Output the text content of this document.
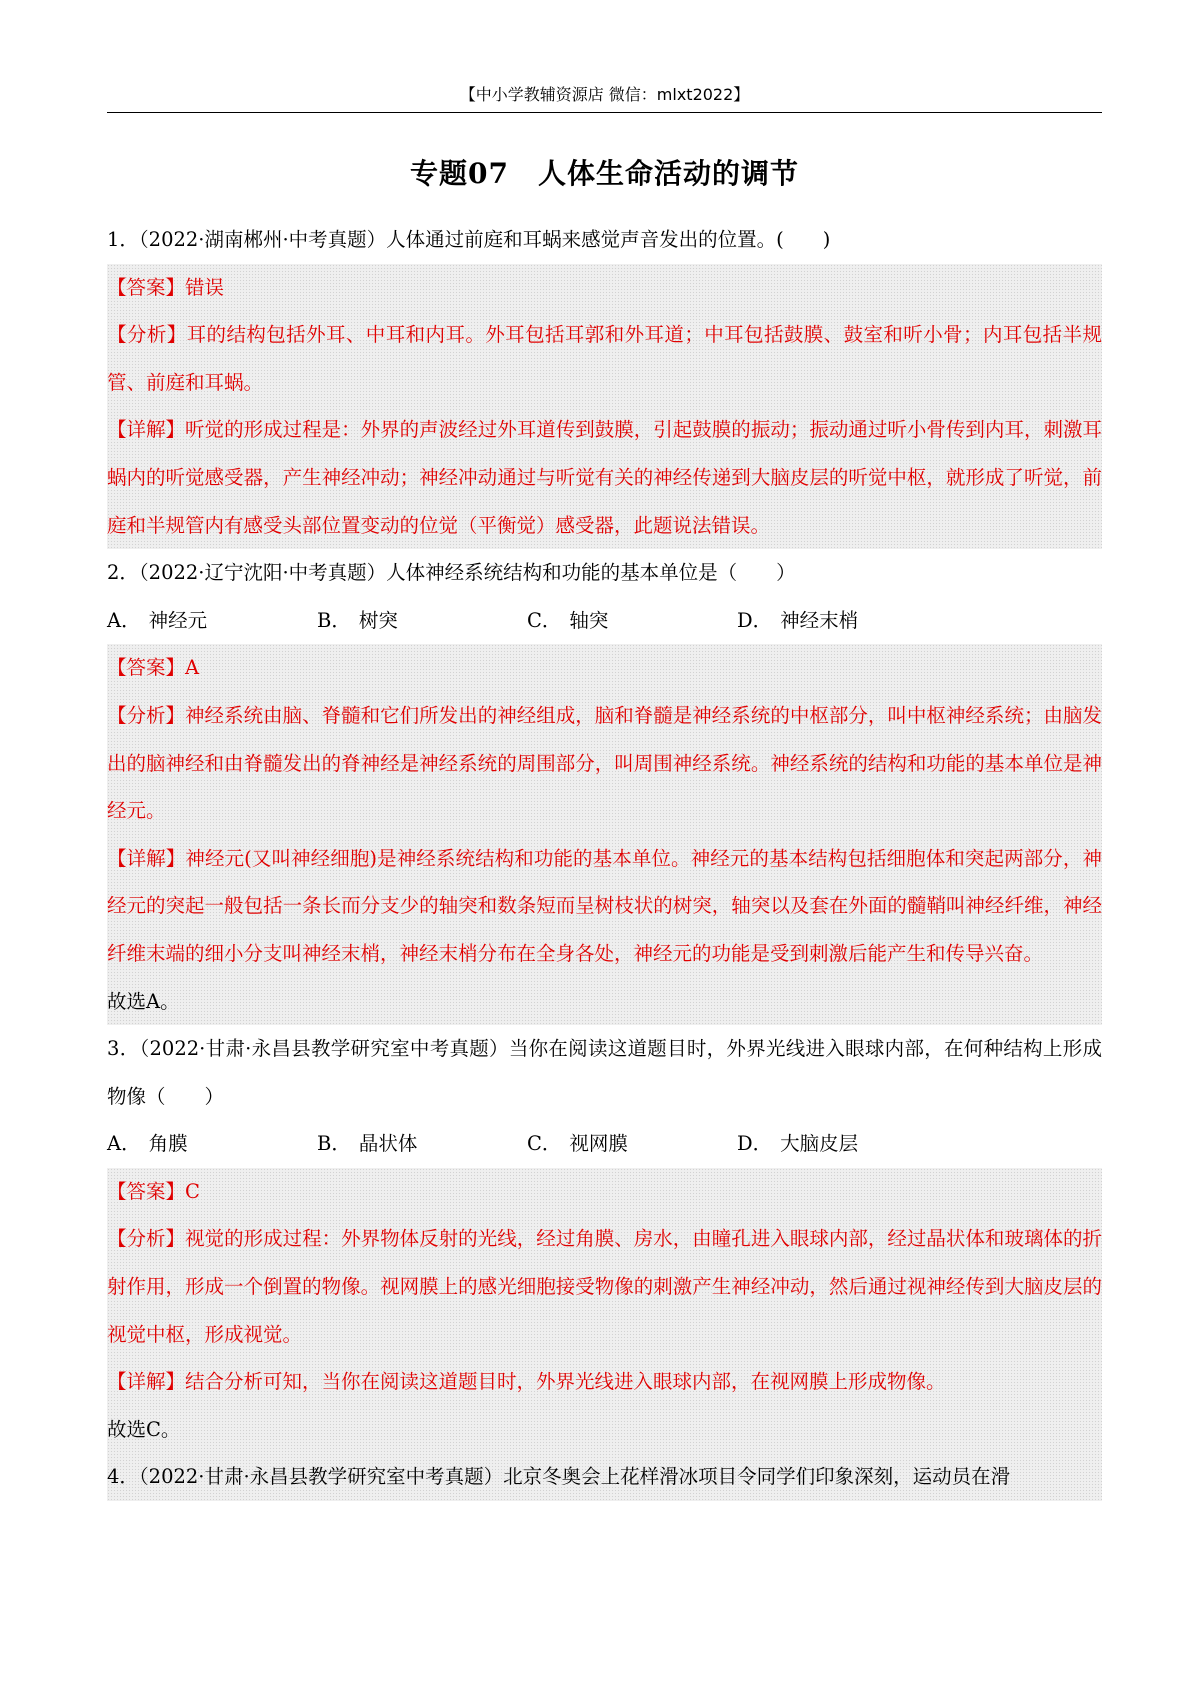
【中小学教辅资源店 微信：mlxt2022】
专题07　人体生命活动的调节
1．（2022·湖南郴州·中考真题）人体通过前庭和耳蜗来感觉声音发出的位置。(　　)
【答案】错误
【分析】耳的结构包括外耳、中耳和内耳。外耳包括耳郭和外耳道；中耳包括鼓膜、鼓室和听小骨；内耳包括半规管、前庭和耳蜗。
【详解】听觉的形成过程是：外界的声波经过外耳道传到鼓膜，引起鼓膜的振动；振动通过听小骨传到内耳，刺激耳蜗内的听觉感受器，产生神经冲动；神经冲动通过与听觉有关的神经传递到大脑皮层的听觉中枢，就形成了听觉，前庭和半规管内有感受头部位置变动的位觉（平衡觉）感受器，此题说法错误。
2．（2022·辽宁沈阳·中考真题）人体神经系统结构和功能的基本单位是（　　）
A． 神经元	B． 树突	C． 轴突	D． 神经末梢
【答案】A
【分析】神经系统由脑、脊髓和它们所发出的神经组成，脑和脊髓是神经系统的中枢部分，叫中枢神经系统；由脑发出的脑神经和由脊髓发出的脊神经是神经系统的周围部分，叫周围神经系统。神经系统的结构和功能的基本单位是神经元。
【详解】神经元(又叫神经细胞)是神经系统结构和功能的基本单位。神经元的基本结构包括细胞体和突起两部分，神经元的突起一般包括一条长而分支少的轴突和数条短而呈树枝状的树突，轴突以及套在外面的髓鞘叫神经纤维，神经纤维末端的细小分支叫神经末梢，神经末梢分布在全身各处，神经元的功能是受到刺激后能产生和传导兴奋。
故选A。
3．（2022·甘肃·永昌县教学研究室中考真题）当你在阅读这道题目时，外界光线进入眼球内部，在何种结构上形成物像（　　）
A． 角膜	B． 晶状体	C． 视网膜	D． 大脑皮层
【答案】C
【分析】视觉的形成过程：外界物体反射的光线，经过角膜、房水，由瞳孔进入眼球内部，经过晶状体和玻璃体的折射作用，形成一个倒置的物像。视网膜上的感光细胞接受物像的刺激产生神经冲动，然后通过视神经传到大脑皮层的视觉中枢，形成视觉。
【详解】结合分析可知，当你在阅读这道题目时，外界光线进入眼球内部，在视网膜上形成物像。
故选C。
4．（2022·甘肃·永昌县教学研究室中考真题）北京冬奥会上花样滑冰项目令同学们印象深刻，运动员在滑
